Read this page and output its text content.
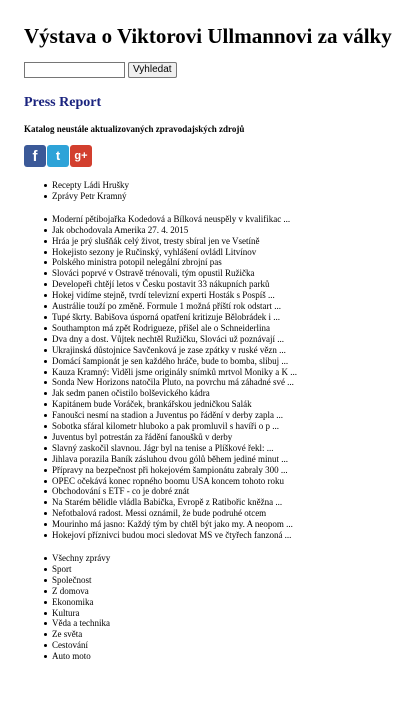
Výstava o Viktorovi Ullmannovi za války
Vyhledat
Press Report

Katalog neustále aktualizovaných zpravodajských zdrojů

f	t	g+
Recepty Ládi Hrušky
Zprávy Petr Kramný
Moderní pětibojařka Kodedová a Bílková neuspěly v kvalifikac ...
Jak obchodovala Amerika 27. 4. 2015
Hráa je prý slušňák celý život, tresty sbíral jen ve Vsetíně
Hokejisto sezony je Ručinský, vyhlášení ovládl Litvínov
Polského ministra potopil nelegální zbrojní pas
Slováci poprvé v Ostravě trénovali, tým opustil Ružička
Developeři chtějí letos v Česku postavit 33 nákupních parků
Hokej vidíme stejně, tvrdí televizní experti Hosták s Pospíš ...
Austrálie touží po změně. Formule 1 možná příští rok odstart ...
Tupé škrty. Babišova úsporná opatření kritizuje Bělobrádek i ...
Southampton má zpět Rodrigueze, přišel ale o Schneiderlina
Dva dny a dost. Vůjtek nechtěl Ružičku, Slováci už poznávají ...
Ukrajinská důstojnice Savčenková je zase zpátky v ruské vězn ...
Domácí šampionát je sen každého hráče, bude to bomba, slibuj ...
Kauza Kramný: Viděli jsme originály snímků mrtvol Moniky a K ...
Sonda New Horizons natočila Pluto, na povrchu má záhadné své ...
Jak sedm panen očistilo bolševického kádra
Kapitánem bude Voráček, brankářskou jedničkou Salák
Fanoušci nesmí na stadion a Juventus po řádění v derby zapla ...
Sobotka sfáral kilometr hluboko a pak promluvil s havíři o p ...
Juventus byl potrestán za řádění fanoušků v derby
Slavný zaskočil slavnou. Jágr byl na tenise a Plíškové řekl: ...
Jihlava porazila Baník zásluhou dvou gólů během jediné minut ...
Přípravy na bezpečnost při hokejovém šampionátu zabraly 300 ...
OPEC očekává konec ropného boomu USA koncem tohoto roku
Obchodování s ETF - co je dobré znát
Na Starém bělidle vládla Babička, Evropě z Ratibořic kněžna ...
Nefotbalová radost. Messi oznámil, že bude podruhé otcem
Mourinho má jasno: Každý tým by chtěl být jako my. A neopom ...
Hokejoví příznivci budou moci sledovat MS ve čtyřech fanzoná ...
Všechny zprávy
Sport
Společnost
Z domova
Ekonomika
Kultura
Věda a technika
Ze světa
Cestování
Auto moto
